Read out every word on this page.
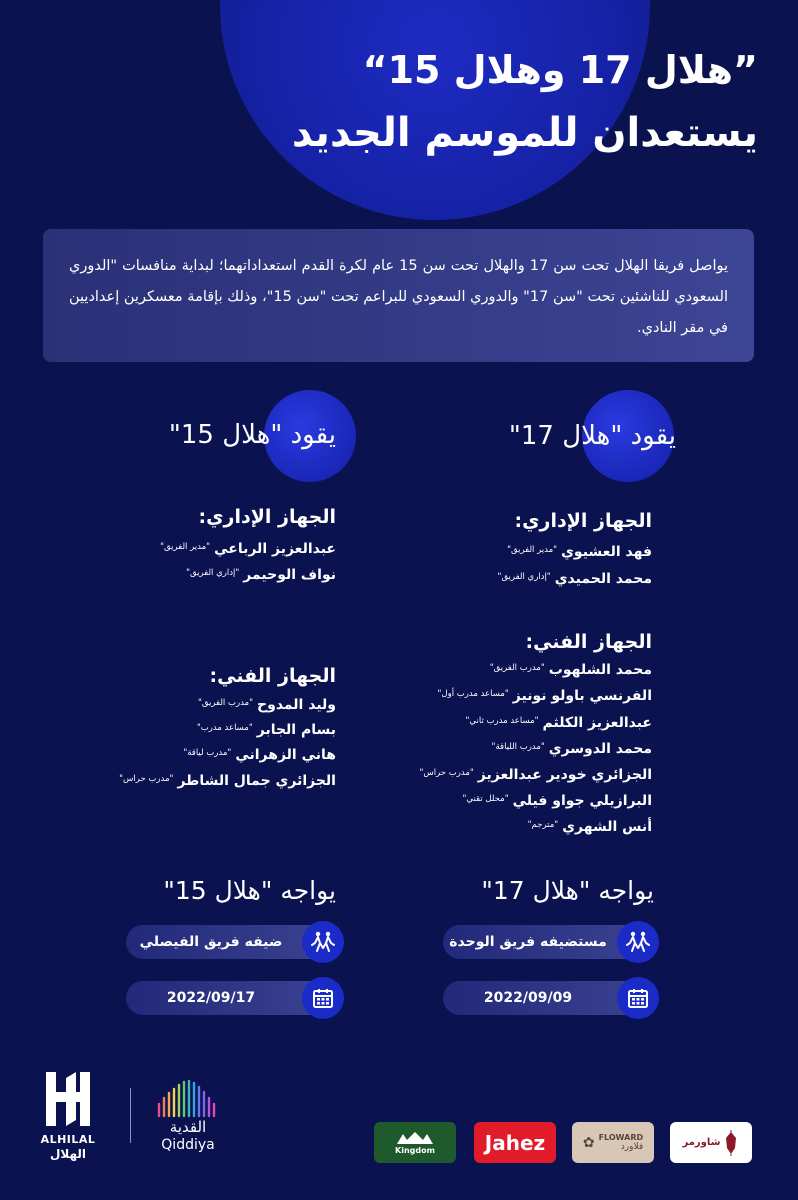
”هلال 17 وهلال 15“
يستعدان للموسم الجديد

يواصل فريقا الهلال تحت سن 17 والهلال تحت سن 15 عام لكرة القدم استعداداتهما؛ لبداية منافسات "الدوري السعودي للناشئين تحت "سن 17" والدوري السعودي للبراعم تحت "سن 15"، وذلك بإقامة معسكرين إعداديين في مقر النادي.

يقود "هلال 17"
الجهاز الإداري:
فهد العشيوي$^{"مدير الفريق"}$
محمد الحميدي$^{"إداري الفريق"}$
الجهاز الفني:
محمد الشلهوب$^{"مدرب الفريق"}$
الفرنسي باولو نونيز$^{"مساعد مدرب أول"}$
عبدالعزيز الكلثم$^{"مساعد مدرب ثاني"}$
محمد الدوسري$^{"مدرب اللياقة"}$
الجزائري خودير عبدالعزيز$^{"مدرب حراس"}$
البرازيلي جواو فيلي$^{"محلل تقني"}$
أنس الشهري$^{"مترجم"}$
يقود "هلال 15"
الجهاز الإداري:
عبدالعزيز الرباعي$^{"مدير الفريق"}$
نواف الوحيمر$^{"إداري الفريق"}$
الجهاز الفني:
وليد المدوح$^{"مدرب الفريق"}$
بسام الجابر$^{"مساعد مدرب"}$
هاني الزهراني$^{"مدرب لياقة"}$
الجزائري جمال الشاطر$^{"مدرب حراس"}$
يواجه "هلال 17"
يواجه "هلال 15"
مستضيفه فريق الوحدة
ضيفه فريق الفيصلي
2022/09/09
2022/09/17
ALHILAL
الهلال
القدية
Qiddiya	Kingdom Jahez	✿ FLOWARD
فلاورد	شاورمر
